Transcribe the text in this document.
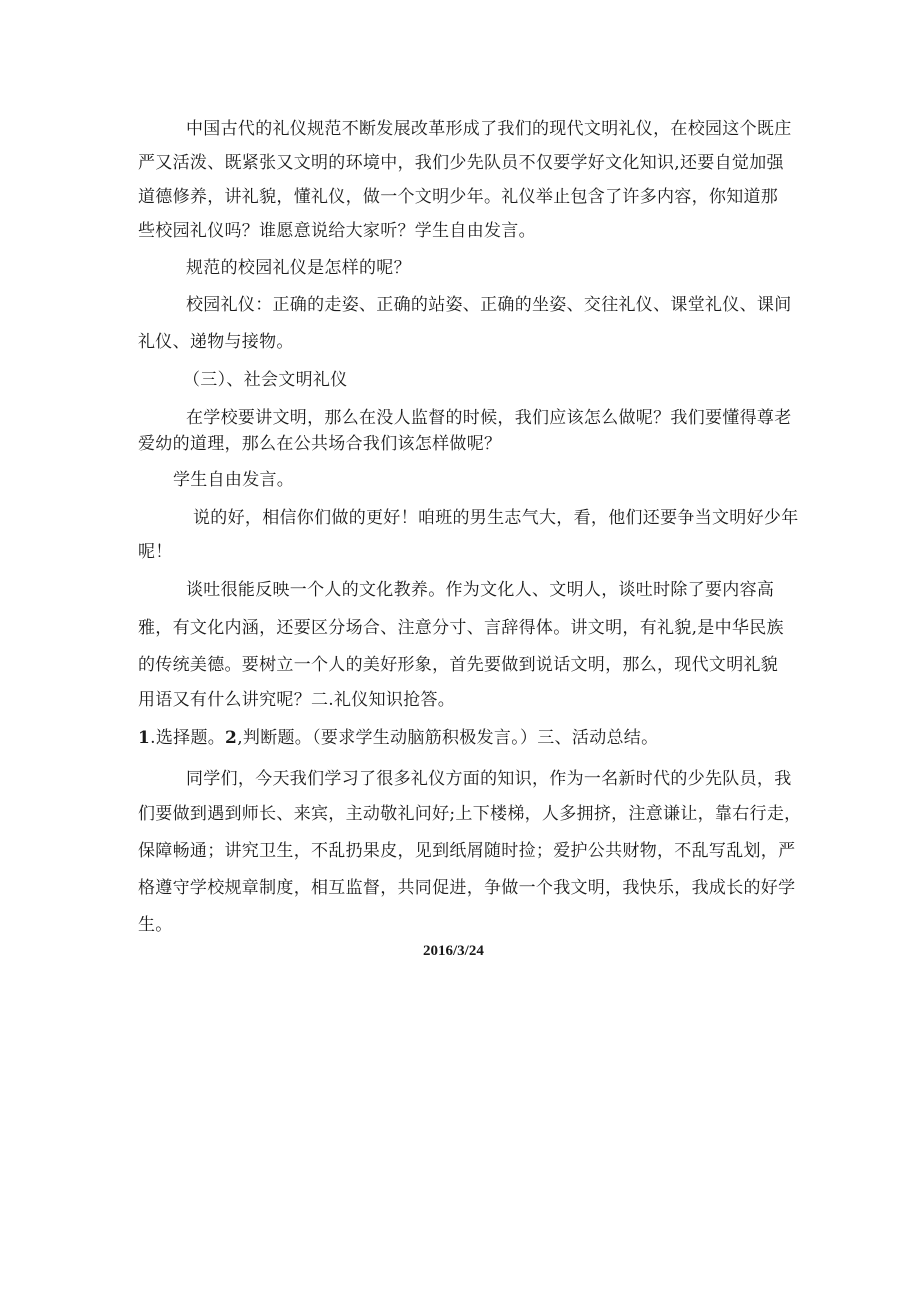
中国古代的礼仪规范不断发展改革形成了我们的现代文明礼仪，在校园这个既庄
严又活泼、既紧张又文明的环境中，我们少先队员不仅要学好文化知识,还要自觉加强
道德修养，讲礼貌，懂礼仪，做一个文明少年。礼仪举止包含了许多内容，你知道那
些校园礼仪吗？谁愿意说给大家听？学生自由发言。
规范的校园礼仪是怎样的呢？
校园礼仪：正确的走姿、正确的站姿、正确的坐姿、交往礼仪、课堂礼仪、课间
礼仪、递物与接物。
（三）、社会文明礼仪
在学校要讲文明，那么在没人监督的时候，我们应该怎么做呢？我们要懂得尊老
爱幼的道理，那么在公共场合我们该怎样做呢？
学生自由发言。
说的好，相信你们做的更好！咱班的男生志气大，看，他们还要争当文明好少年
呢！
谈吐很能反映一个人的文化教养。作为文化人、文明人，谈吐时除了要内容高
雅，有文化内涵，还要区分场合、注意分寸、言辞得体。讲文明，有礼貌,是中华民族
的传统美德。要树立一个人的美好形象，首先要做到说话文明，那么，现代文明礼貌
用语又有什么讲究呢？二.礼仪知识抢答。
1.选择题。2,判断题。（要求学生动脑筋积极发言。）三、活动总结。
同学们，今天我们学习了很多礼仪方面的知识，作为一名新时代的少先队员，我
们要做到遇到师长、来宾，主动敬礼问好;上下楼梯，人多拥挤，注意谦让，靠右行走，
保障畅通；讲究卫生，不乱扔果皮，见到纸屑随时捡；爱护公共财物，不乱写乱划，严
格遵守学校规章制度，相互监督，共同促进，争做一个我文明，我快乐，我成长的好学
生。
2016/3/24
